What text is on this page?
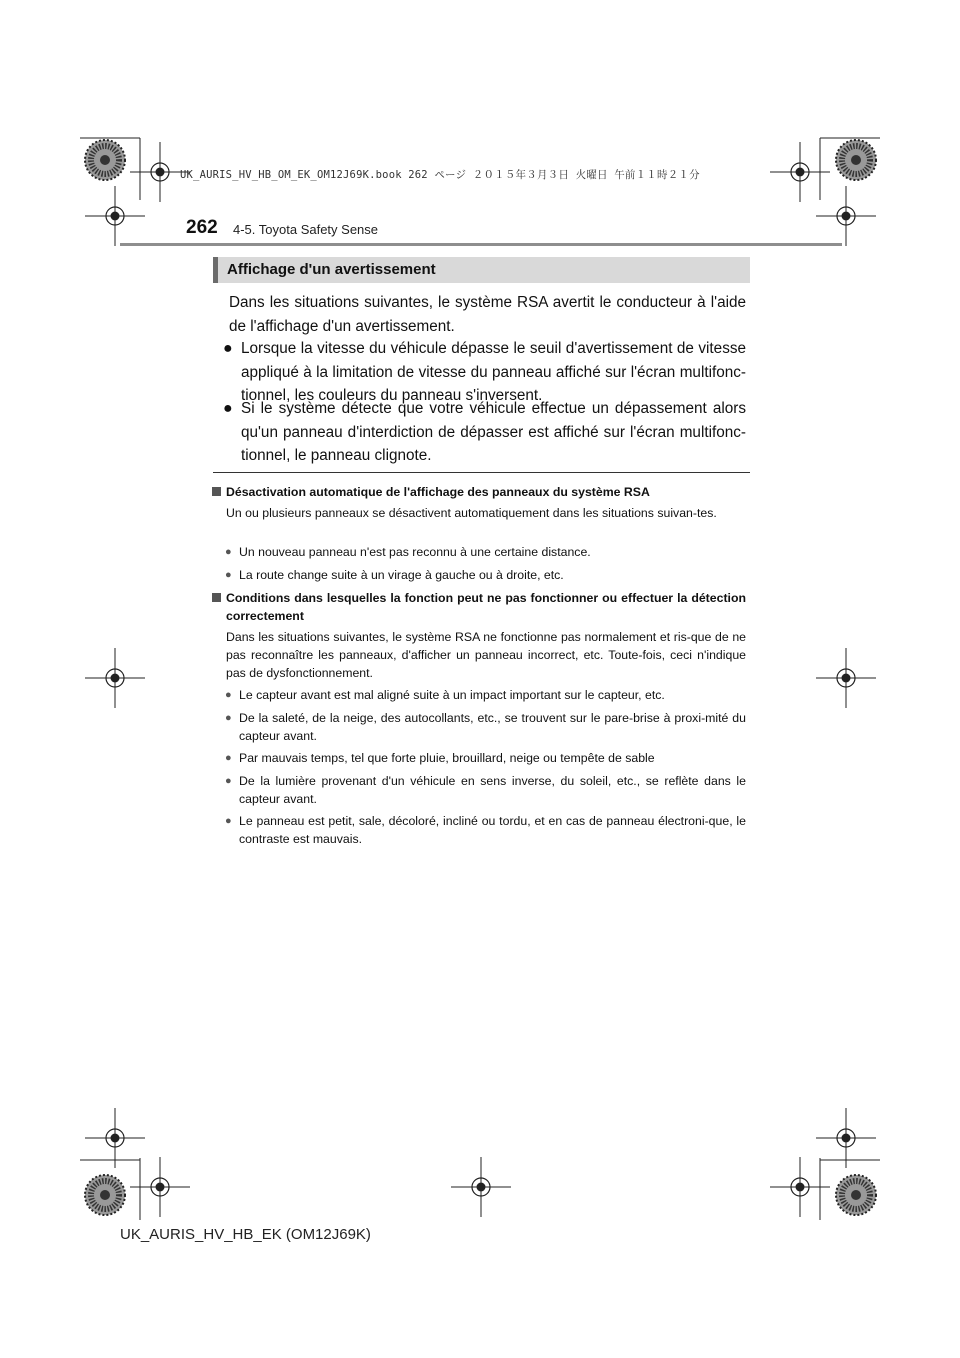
UK_AURIS_HV_HB_OM_EK_OM12J69K.book 262 ページ ２０１５年３月３日 火曜日 午前１１時２１分
262 4-5. Toyota Safety Sense
Affichage d'un avertissement
Dans les situations suivantes, le système RSA avertit le conducteur à l'aide de l'affichage d'un avertissement.
● Lorsque la vitesse du véhicule dépasse le seuil d'avertissement de vitesse appliqué à la limitation de vitesse du panneau affiché sur l'écran multifonc-tionnel, les couleurs du panneau s'inversent.
● Si le système détecte que votre véhicule effectue un dépassement alors qu'un panneau d'interdiction de dépasser est affiché sur l'écran multifonc-tionnel, le panneau clignote.
Désactivation automatique de l'affichage des panneaux du système RSA
Un ou plusieurs panneaux se désactivent automatiquement dans les situations suivan-tes.
● Un nouveau panneau n'est pas reconnu à une certaine distance.
● La route change suite à un virage à gauche ou à droite, etc.
Conditions dans lesquelles la fonction peut ne pas fonctionner ou effectuer la détection correctement
Dans les situations suivantes, le système RSA ne fonctionne pas normalement et ris-que de ne pas reconnaître les panneaux, d'afficher un panneau incorrect, etc. Toute-fois, ceci n'indique pas de dysfonctionnement.
● Le capteur avant est mal aligné suite à un impact important sur le capteur, etc.
● De la saleté, de la neige, des autocollants, etc., se trouvent sur le pare-brise à proxi-mité du capteur avant.
● Par mauvais temps, tel que forte pluie, brouillard, neige ou tempête de sable
● De la lumière provenant d'un véhicule en sens inverse, du soleil, etc., se reflète dans le capteur avant.
● Le panneau est petit, sale, décoloré, incliné ou tordu, et en cas de panneau électroni-que, le contraste est mauvais.
UK_AURIS_HV_HB_EK (OM12J69K)
